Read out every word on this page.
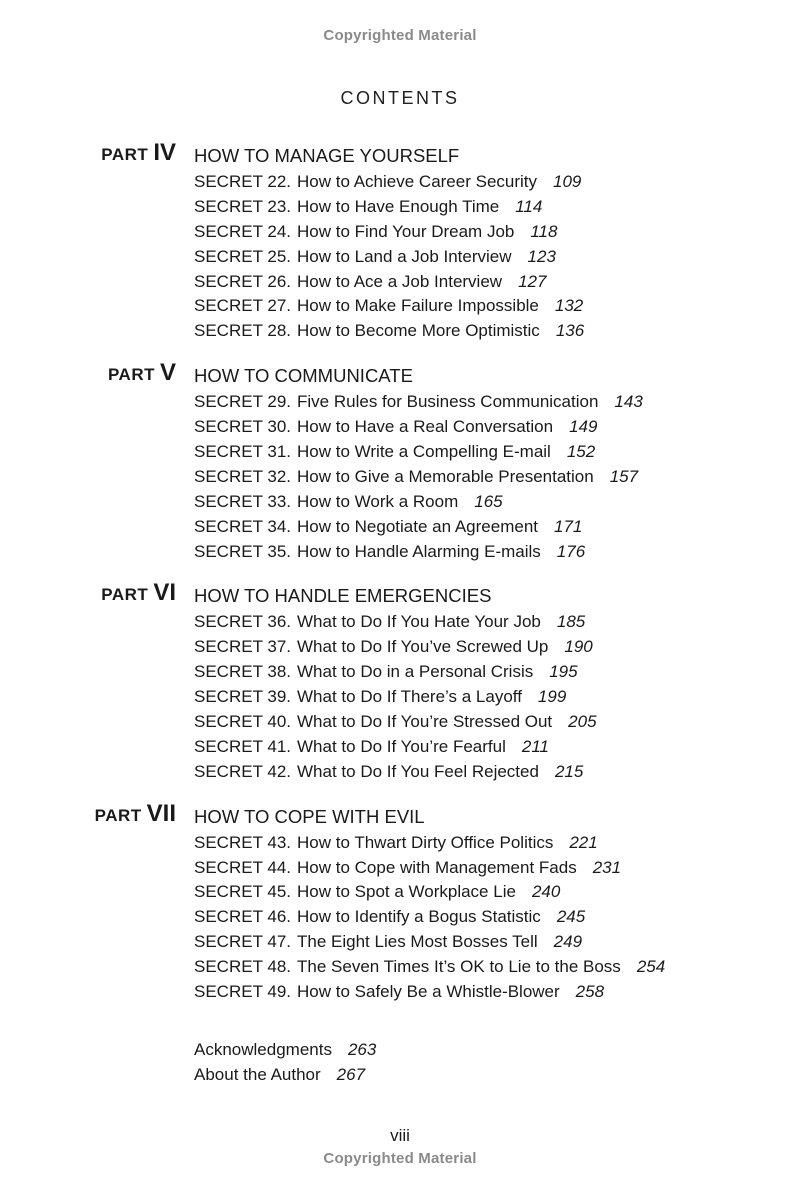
Copyrighted Material
CONTENTS
PART IV HOW TO MANAGE YOURSELF
SECRET 22. How to Achieve Career Security 109
SECRET 23. How to Have Enough Time 114
SECRET 24. How to Find Your Dream Job 118
SECRET 25. How to Land a Job Interview 123
SECRET 26. How to Ace a Job Interview 127
SECRET 27. How to Make Failure Impossible 132
SECRET 28. How to Become More Optimistic 136
PART V HOW TO COMMUNICATE
SECRET 29. Five Rules for Business Communication 143
SECRET 30. How to Have a Real Conversation 149
SECRET 31. How to Write a Compelling E-mail 152
SECRET 32. How to Give a Memorable Presentation 157
SECRET 33. How to Work a Room 165
SECRET 34. How to Negotiate an Agreement 171
SECRET 35. How to Handle Alarming E-mails 176
PART VI HOW TO HANDLE EMERGENCIES
SECRET 36. What to Do If You Hate Your Job 185
SECRET 37. What to Do If You’ve Screwed Up 190
SECRET 38. What to Do in a Personal Crisis 195
SECRET 39. What to Do If There’s a Layoff 199
SECRET 40. What to Do If You’re Stressed Out 205
SECRET 41. What to Do If You’re Fearful 211
SECRET 42. What to Do If You Feel Rejected 215
PART VII HOW TO COPE WITH EVIL
SECRET 43. How to Thwart Dirty Office Politics 221
SECRET 44. How to Cope with Management Fads 231
SECRET 45. How to Spot a Workplace Lie 240
SECRET 46. How to Identify a Bogus Statistic 245
SECRET 47. The Eight Lies Most Bosses Tell 249
SECRET 48. The Seven Times It’s OK to Lie to the Boss 254
SECRET 49. How to Safely Be a Whistle-Blower 258
Acknowledgments 263
About the Author 267
viii
Copyrighted Material
